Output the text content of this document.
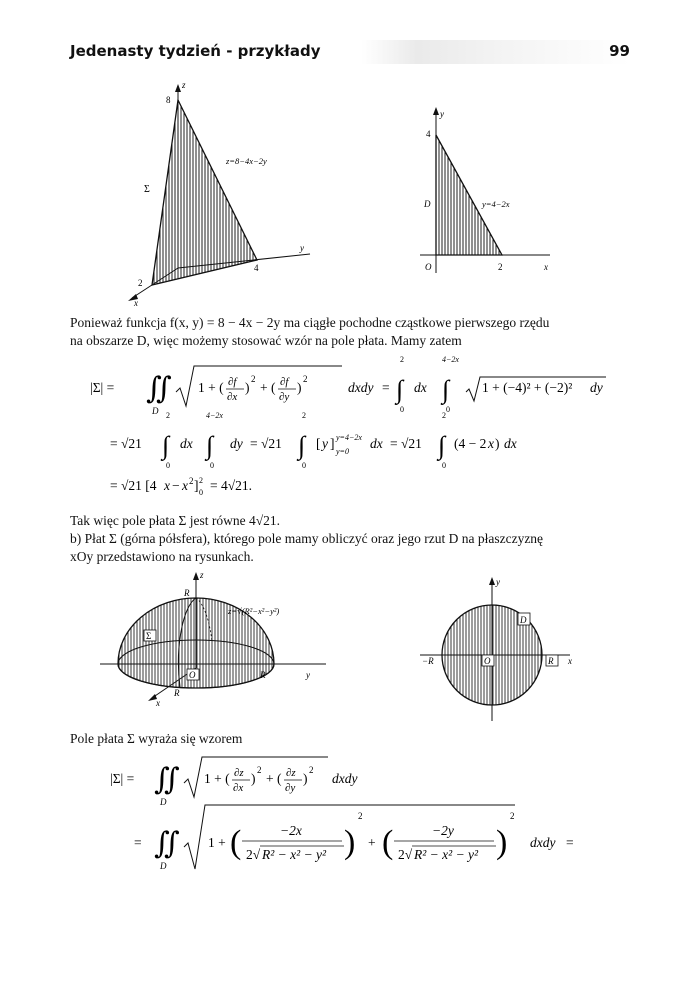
Jedenasty tydzień - przykłady	99
z
8
y
4
2
x
Σ
z=8−4x−2y
y
4
D	y=4−2x
O	2	x
Ponieważ funkcja f(x, y) = 8 − 4x − 2y ma ciągłe pochodne cząstkowe pierwszego rzędu
na obszarze D, więc możemy stosować wzór na pole płata. Mamy zatem
|Σ| = ∬
D
1 + ( ∂f
∂x
)
2
+ ( ∂f
∂y
)
2
dxdy =
2
∫
0
dx
4−2x
∫
0
1 + (−4)² + (−2)² dy
= √21
2
∫
0
dx
4−2x
∫
0
dy = √21
2
∫
0
[ y ] y=4−2x
y=0
dx = √21
2
∫
0
(4 − 2 x ) dx
= √21 [4 x − x 2 ] 2
0 = 4√21.
Tak więc pole płata Σ jest równe 4√21.
b) Płat Σ (górna półsfera), którego pole mamy obliczyć oraz jego rzut D na płaszczyznę
xOy przedstawiono na rysunkach.
z
R
z=√(R²−x²−y²)
Σ
O	R	y
R
x
y
D
−R	O	R x
Pole płata Σ wyraża się wzorem
|Σ| = ∬
D
1 + ( ∂z
∂x
)
2
+ ( ∂z
∂y
)
2
dxdy
= ∬
D
1 + (	−2x
2√ R² − x² − y² )
2
+ (	−2y
2√ R² − x² − y² )
2
dxdy =
